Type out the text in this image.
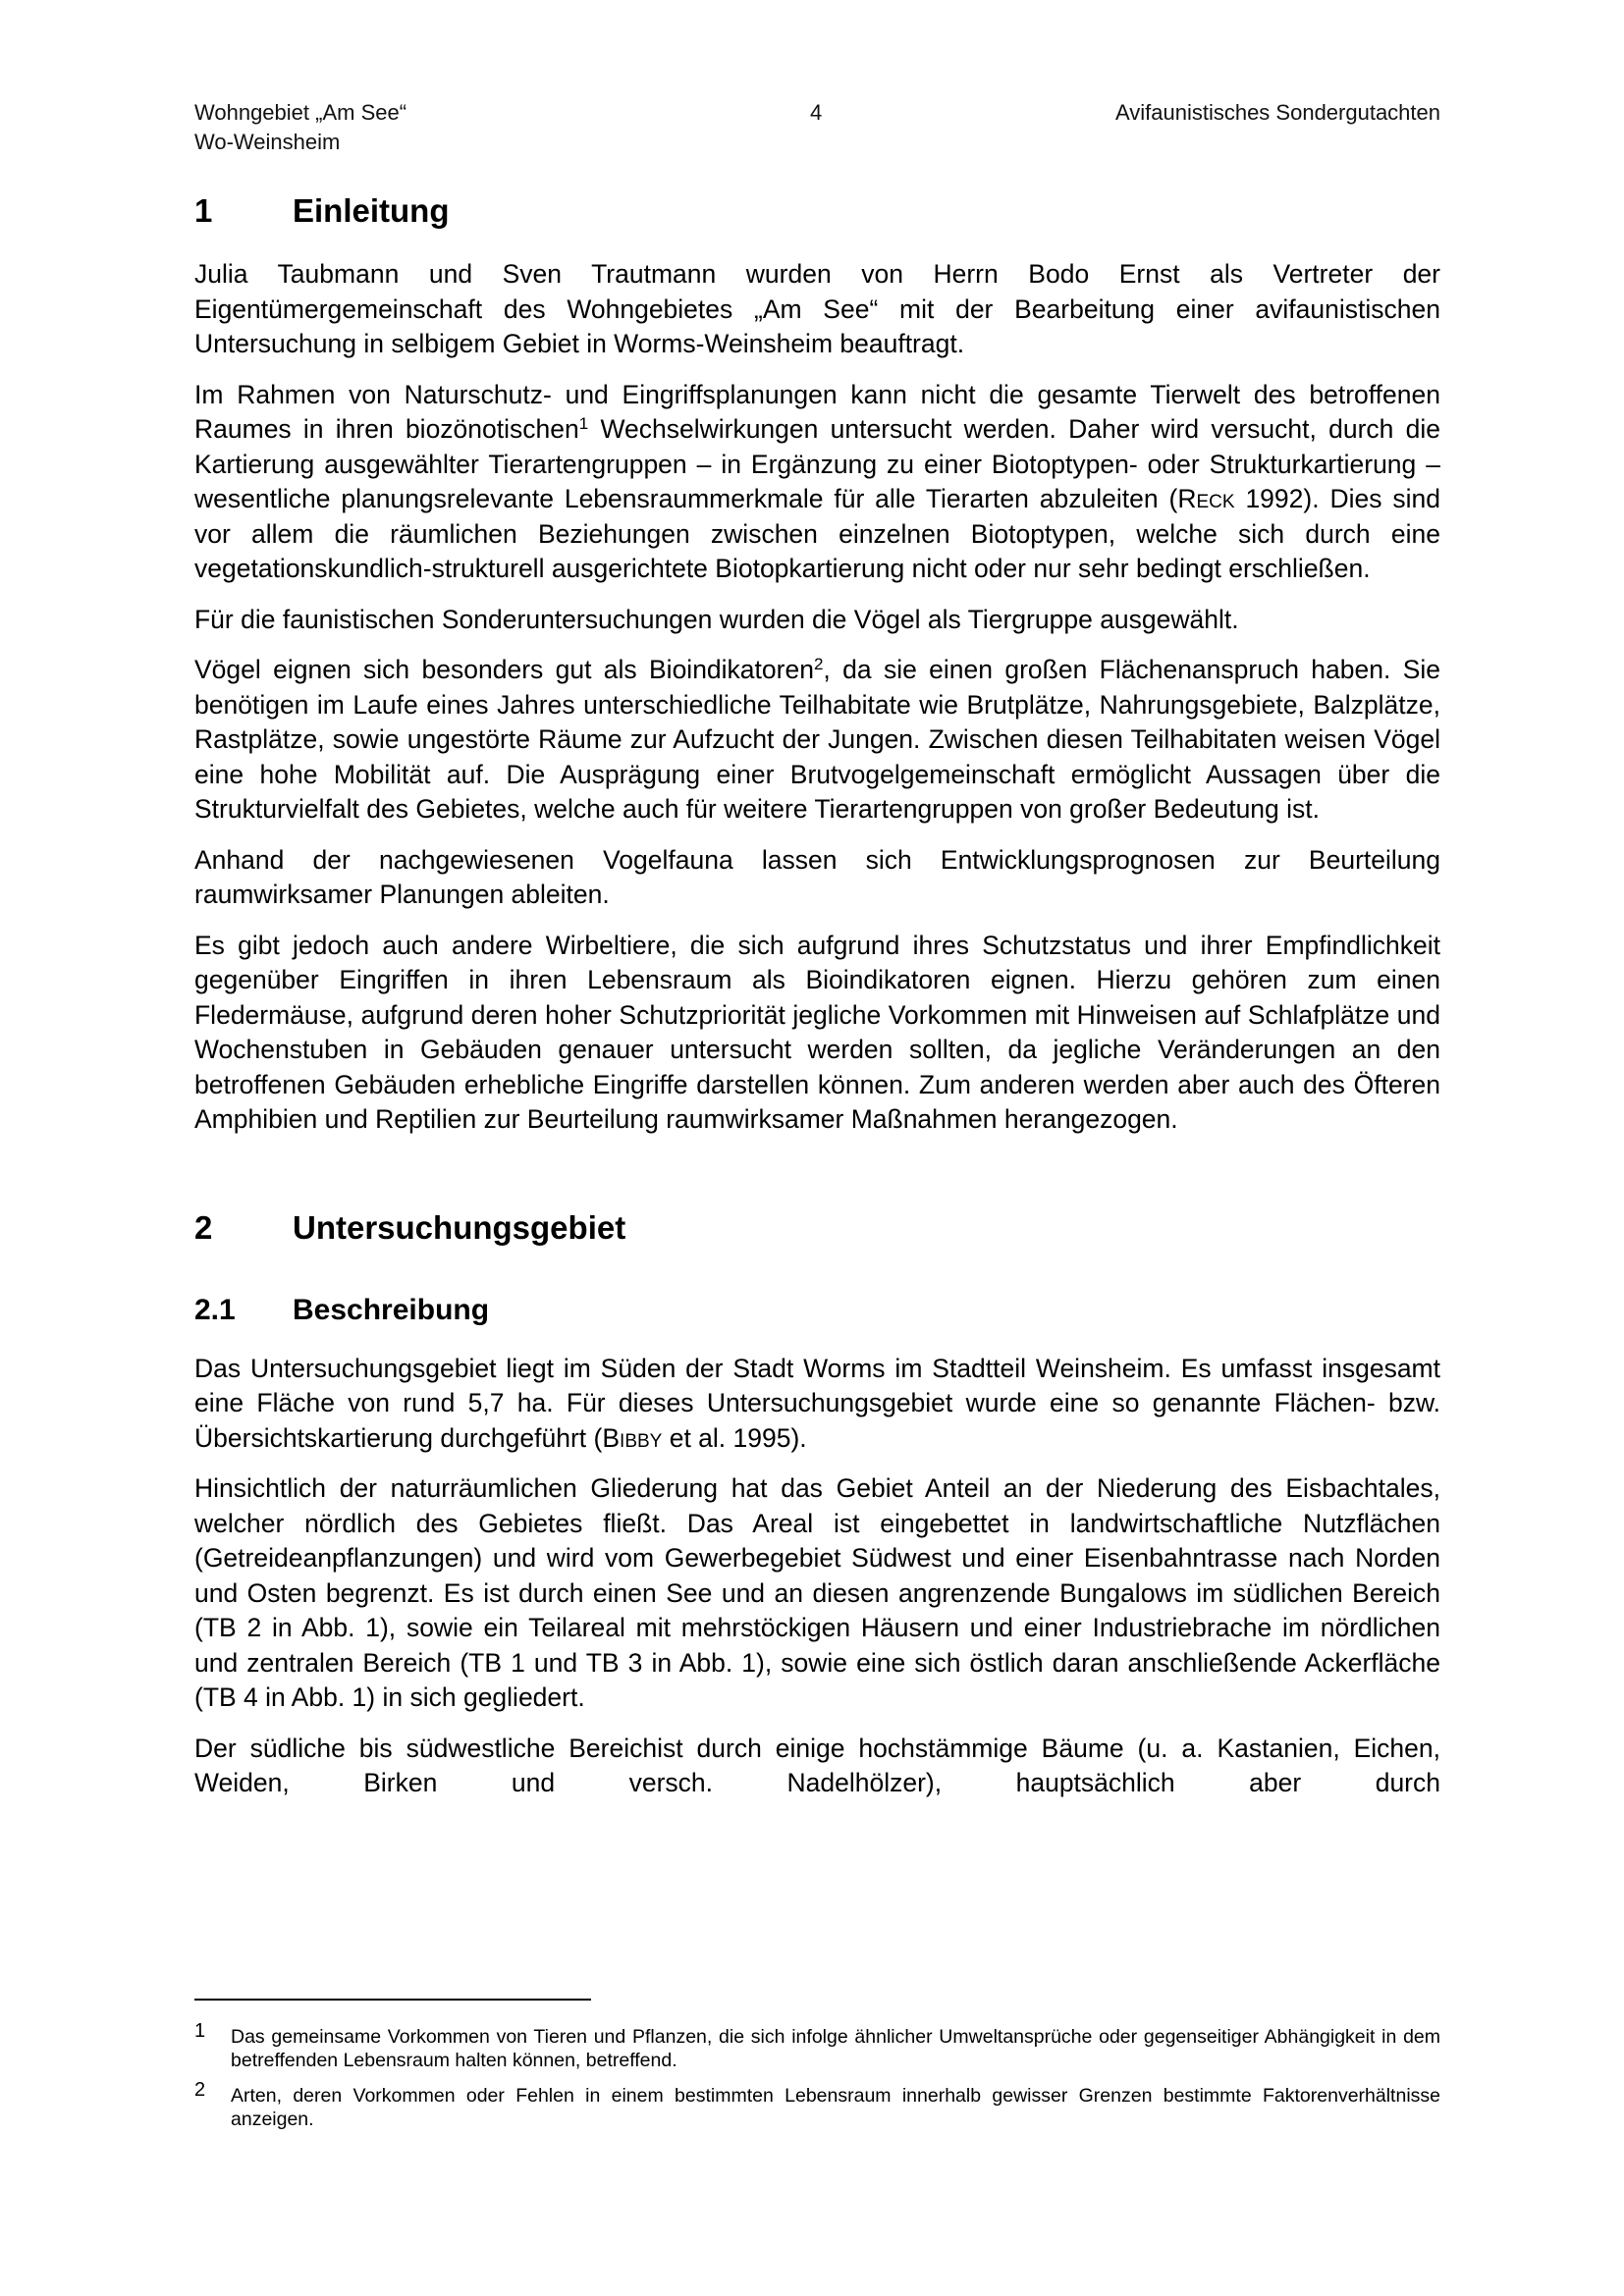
Wohngebiet „Am See“
Wo-Weinsheim
4	Avifaunistisches Sondergutachten
1	Einleitung

Julia Taubmann und Sven Trautmann wurden von Herrn Bodo Ernst als Vertreter der Eigentümergemeinschaft des Wohngebietes „Am See“ mit der Bearbeitung einer avifaunistischen Untersuchung in selbigem Gebiet in Worms-Weinsheim beauftragt.

Im Rahmen von Naturschutz- und Eingriffsplanungen kann nicht die gesamte Tierwelt des betroffenen Raumes in ihren biozönotischen$^1$ Wechselwirkungen untersucht werden. Daher wird versucht, durch die Kartierung ausgewählter Tierartengruppen – in Ergänzung zu einer Biotoptypen- oder Strukturkartierung – wesentliche planungsrelevante Lebensraummerkmale für alle Tierarten abzuleiten (Reck 1992). Dies sind vor allem die räumlichen Beziehungen zwischen einzelnen Biotoptypen, welche sich durch eine vegetationskundlich-strukturell ausgerichtete Biotopkartierung nicht oder nur sehr bedingt erschließen.

Für die faunistischen Sonderuntersuchungen wurden die Vögel als Tiergruppe ausgewählt.

Vögel eignen sich besonders gut als Bioindikatoren$^2$, da sie einen großen Flächenanspruch haben. Sie benötigen im Laufe eines Jahres unterschiedliche Teilhabitate wie Brutplätze, Nahrungsgebiete, Balzplätze, Rastplätze, sowie ungestörte Räume zur Aufzucht der Jungen. Zwischen diesen Teilhabitaten weisen Vögel eine hohe Mobilität auf. Die Ausprägung einer Brutvogelgemeinschaft ermöglicht Aussagen über die Strukturvielfalt des Gebietes, welche auch für weitere Tierartengruppen von großer Bedeutung ist.

Anhand der nachgewiesenen Vogelfauna lassen sich Entwicklungsprognosen zur Beurteilung raumwirksamer Planungen ableiten.

Es gibt jedoch auch andere Wirbeltiere, die sich aufgrund ihres Schutzstatus und ihrer Empfindlichkeit gegenüber Eingriffen in ihren Lebensraum als Bioindikatoren eignen. Hierzu gehören zum einen Fledermäuse, aufgrund deren hoher Schutzpriorität jegliche Vorkommen mit Hinweisen auf Schlafplätze und Wochenstuben in Gebäuden genauer untersucht werden sollten, da jegliche Veränderungen an den betroffenen Gebäuden erhebliche Eingriffe darstellen können. Zum anderen werden aber auch des Öfteren Amphibien und Reptilien zur Beurteilung raumwirksamer Maßnahmen herangezogen.

2	Untersuchungsgebiet
2.1	Beschreibung

Das Untersuchungsgebiet liegt im Süden der Stadt Worms im Stadtteil Weinsheim. Es umfasst insgesamt eine Fläche von rund 5,7 ha. Für dieses Untersuchungsgebiet wurde eine so genannte Flächen- bzw. Übersichtskartierung durchgeführt (Bibby et al. 1995).

Hinsichtlich der naturräumlichen Gliederung hat das Gebiet Anteil an der Niederung des Eisbachtales, welcher nördlich des Gebietes fließt. Das Areal ist eingebettet in landwirtschaftliche Nutzflächen (Getreideanpflanzungen) und wird vom Gewerbegebiet Südwest und einer Eisenbahntrasse nach Norden und Osten begrenzt. Es ist durch einen See und an diesen angrenzende Bungalows im südlichen Bereich (TB 2 in Abb. 1), sowie ein Teilareal mit mehrstöckigen Häusern und einer Industriebrache im nördlichen und zentralen Bereich (TB 1 und TB 3 in Abb. 1), sowie eine sich östlich daran anschließende Ackerfläche (TB 4 in Abb. 1) in sich gegliedert.

Der südliche bis südwestliche Bereichist durch einige hochstämmige Bäume (u. a. Kastanien, Eichen, Weiden, Birken und versch. Nadelhölzer), hauptsächlich aber durch

1 Das gemeinsame Vorkommen von Tieren und Pflanzen, die sich infolge ähnlicher Umweltansprüche oder gegenseitiger Abhängigkeit in dem betreffenden Lebensraum halten können, betreffend.
2 Arten, deren Vorkommen oder Fehlen in einem bestimmten Lebensraum innerhalb gewisser Grenzen bestimmte Faktorenverhältnisse anzeigen.
